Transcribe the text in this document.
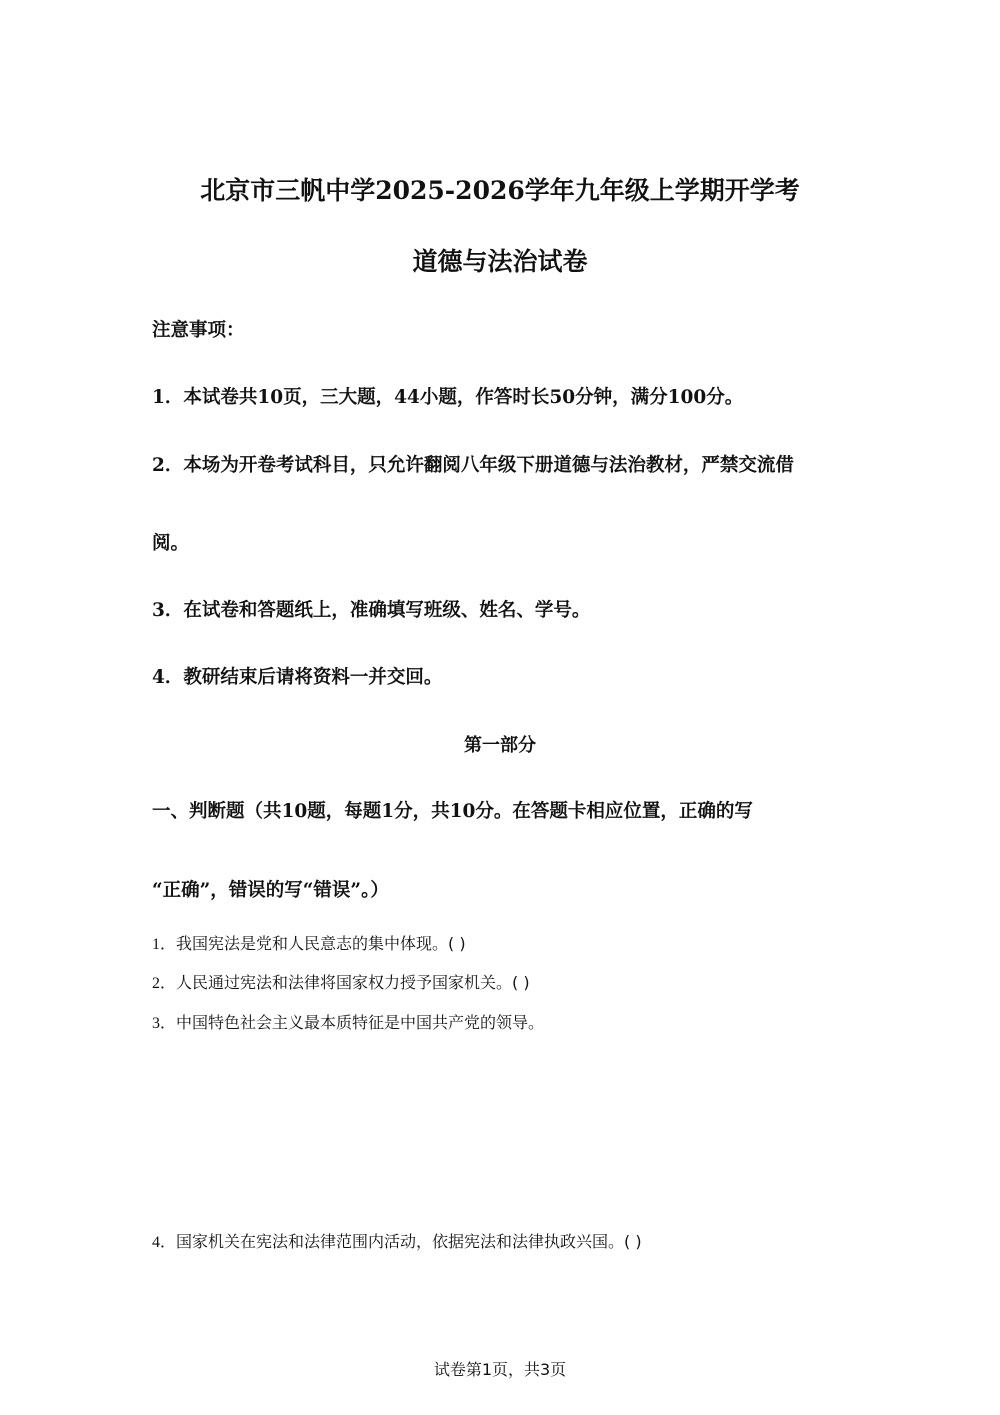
北京市三帆中学2025-2026学年九年级上学期开学考
道德与法治试卷
注意事项：
1．本试卷共10页，三大题，44小题，作答时长50分钟，满分100分。
2．本场为开卷考试科目，只允许翻阅八年级下册道德与法治教材，严禁交流借
阅。
3．在试卷和答题纸上，准确填写班级、姓名、学号。
4．教研结束后请将资料一并交回。
第一部分
一、判断题（共10题，每题1分，共10分。在答题卡相应位置，正确的写
“正确”，错误的写“错误”。）
1．我国宪法是党和人民意志的集中体现。( )
2．人民通过宪法和法律将国家权力授予国家机关。( )
3．中国特色社会主义最本质特征是中国共产党的领导。
4．国家机关在宪法和法律范围内活动，依据宪法和法律执政兴国。( )
试卷第1页，共3页
